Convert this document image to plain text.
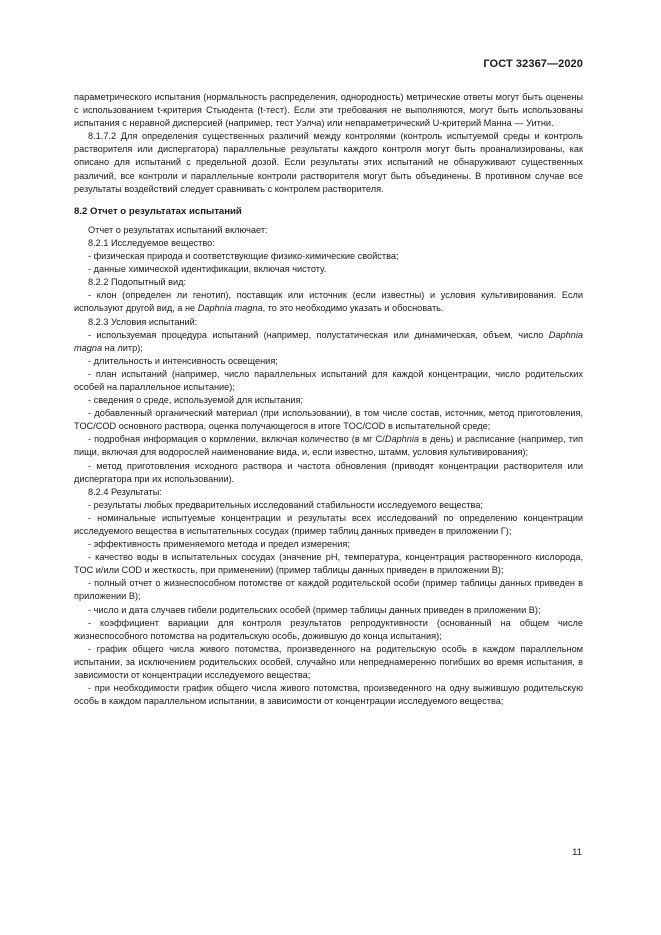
ГОСТ 32367—2020

параметрического испытания (нормальность распределения, однородность) метрические ответы могут быть оценены с использованием t-критерия Стьюдента (t-тест). Если эти требования не выполняются, могут быть использованы испытания с неравной дисперсией (например, тест Уэлча) или непараметрический U-критерий Манна — Уитни.

8.1.7.2 Для определения существенных различий между контролями (контроль испытуемой среды и контроль растворителя или диспергатора) параллельные результаты каждого контроля могут быть проанализированы, как описано для испытаний с предельной дозой. Если результаты этих испытаний не обнаруживают существенных различий, все контроли и параллельные контроли растворителя могут быть объединены. В противном случае все результаты воздействий следует сравнивать с контролем растворителя.

8.2 Отчет о результатах испытаний

Отчет о результатах испытаний включает:

8.2.1 Исследуемое вещество:

- физическая природа и соответствующие физико-химические свойства;

- данные химической идентификации, включая чистоту.

8.2.2 Подопытный вид:

- клон (определен ли генотип), поставщик или источник (если известны) и условия культивирования. Если используют другой вид, а не Daphnia magna, то это необходимо указать и обосновать.

8.2.3 Условия испытаний:

- используемая процедура испытаний (например, полустатическая или динамическая, объем, число Daphnia magna на литр);

- длительность и интенсивность освещения;

- план испытаний (например, число параллельных испытаний для каждой концентрации, число родительских особей на параллельное испытание);

- сведения о среде, используемой для испытания;

- добавленный органический материал (при использовании), в том числе состав, источник, метод приготовления, TOC/COD основного раствора, оценка получающегося в итоге TOC/COD в испытательной среде;

- подробная информация о кормлении, включая количество (в мг C/Daphnia в день) и расписание (например, тип пищи, включая для водорослей наименование вида, и, если известно, штамм, условия культивирования);

- метод приготовления исходного раствора и частота обновления (приводят концентрации растворителя или диспергатора при их использовании).

8.2.4 Результаты:

- результаты любых предварительных исследований стабильности исследуемого вещества;

- номинальные испытуемые концентрации и результаты всех исследований по определению концентрации исследуемого вещества в испытательных сосудах (пример таблиц данных приведен в приложении Г);

- эффективность применяемого метода и предел измерения;

- качество воды в испытательных сосудах (значение pH, температура, концентрация растворенного кислорода, TOC и/или COD и жесткость, при применении) (пример таблицы данных приведен в приложении В);

- полный отчет о жизнеспособном потомстве от каждой родительской особи (пример таблицы данных приведен в приложении В);

- число и дата случаев гибели родительских особей (пример таблицы данных приведен в приложении В);

- коэффициент вариации для контроля результатов репродуктивности (основанный на общем числе жизнеспособного потомства на родительскую особь, дожившую до конца испытания);

- график общего числа живого потомства, произведенного на родительскую особь в каждом параллельном испытании, за исключением родительских особей, случайно или непреднамеренно погибших во время испытания, в зависимости от концентрации исследуемого вещества;

- при необходимости график общего числа живого потомства, произведенного на одну выжившую родительскую особь в каждом параллельном испытании, в зависимости от концентрации исследуемого вещества;

11
